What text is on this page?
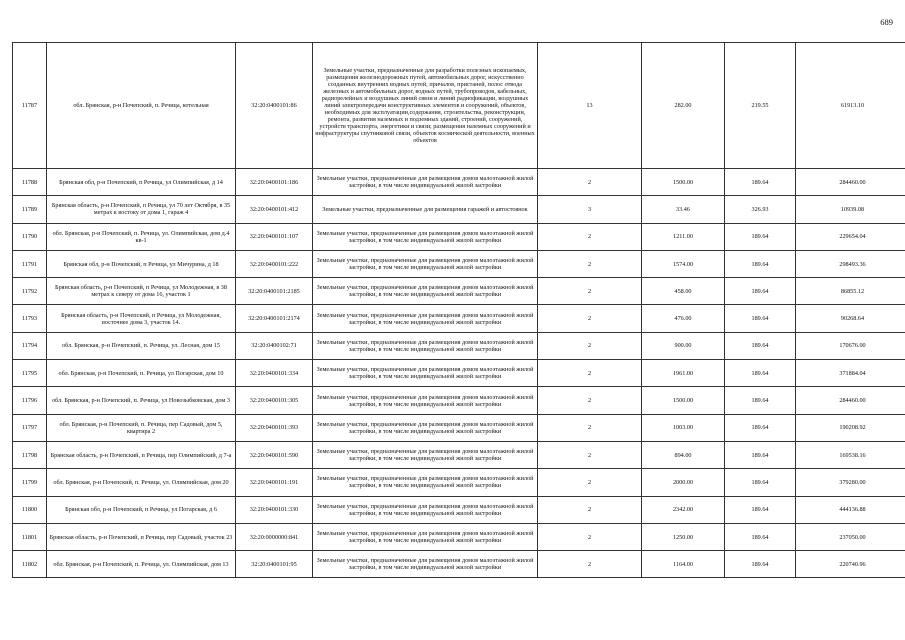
689
11787	обл. Брянская, р-н Почепский, п. Речица, котельная	32:20:0400101:86	Земельные участки, предназначенные для разработки полезных ископаемых, размещения железнодорожных путей, автомобильных дорог, искусственно созданных внутренних водных путей, причалов, пристаней, полос отвода железных и автомобильных дорог, водных путей, трубопроводов, кабельных, радиорелейных и воздушных линий связи и линий радиофикации, воздушных линий электропередачи конструктивных элементов и сооружений, объектов, необходимых для эксплуатации,содержания, строительства, реконструкции, ремонта, развития наземных и подземных зданий, строений, сооружений, устройств транспорта, энергетики и связи; размещения наземных сооружений и инфраструктуры спутниковой связи, объектов космической деятельности, военных объектов	13	282.00	219.55	61913.10
11788	Брянская обл, р-н Почепский, п Речица, ул Олимпийская, д 14	32:20:0400101:186	Земельные участки, предназначенные для размещения домов малоэтажной жилой застройки, в том числе индивидуальной жилой застройки	2	1500.00	189.64	284460.00
11789	Брянская область, р-н Почепский, п Речица, ул 70 лет Октября, в 35 метрах к востоку от дома 1, гараж 4	32:20:0400101:412	Земельные участки, предназначенные для размещения гаражей и автостоянок	3	33.46	326.93	10939.08
11790	обл. Брянская, р-н Почепский, п. Речица, ул. Олимпийская, дом д.4 кв-1	32:20:0400101:107	Земельные участки, предназначенные для размещения домов малоэтажной жилой застройки, в том числе индивидуальной жилой застройки	2	1211.00	189.64	229654.04
11791	Брянская обл, р-н Почепский, п Речица, ул Мичурина, д 18	32:20:0400101:222	Земельные участки, предназначенные для размещения домов малоэтажной жилой застройки, в том числе индивидуальной жилой застройки	2	1574.00	189.64	298493.36
11792	Брянская область, р-н Почепский, п Речица, ул Молодежная, в 38 метрах к северу от дома 16, участок 1	32:20:0400101:2185	Земельные участки, предназначенные для размещения домов малоэтажной жилой застройки, в том числе индивидуальной жилой застройки	2	458.00	189.64	86855.12
11793	Брянская область, р-н Почепский, п Речица, ул Молодежная, восточнее дома 3, участок 14.	32:20:0400101:2174	Земельные участки, предназначенные для размещения домов малоэтажной жилой застройки, в том числе индивидуальной жилой застройки	2	476.00	189.64	90268.64
11794	обл. Брянская, р-н Почепский, п. Речица, ул. Лесная, дом 15	32:20:0400102:71	Земельные участки, предназначенные для размещения домов малоэтажной жилой застройки, в том числе индивидуальной жилой застройки	2	900.00	189.64	170676.00
11795	обл. Брянская, р-н Почепский, п. Речица, ул Погарская, дом 10	32:20:0400101:334	Земельные участки, предназначенные для размещения домов малоэтажной жилой застройки, в том числе индивидуальной жилой застройки	2	1961.00	189.64	371884.04
11796	обл. Брянская, р-н Почепский, п. Речица, ул Новозыбковская, дом 3	32:20:0400101:305	Земельные участки, предназначенные для размещения домов малоэтажной жилой застройки, в том числе индивидуальной жилой застройки	2	1500.00	189.64	284460.00
11797	обл. Брянская, р-н Почепский, п. Речица, пер Садовый, дом 5, квартира 2	32:20:0400101:393	Земельные участки, предназначенные для размещения домов малоэтажной жилой застройки, в том числе индивидуальной жилой застройки	2	1003.00	189.64	190208.92
11798	Брянская область, р-н Почепский, п Речица, пер Олимпийский, д 7-а	32:20:0400101:590	Земельные участки, предназначенные для размещения домов малоэтажной жилой застройки, в том числе индивидуальной жилой застройки	2	894.00	189.64	169538.16
11799	обл. Брянская, р-н Почепский, п. Речица, ул. Олимпийская, дом 20	32:20:0400101:191	Земельные участки, предназначенные для размещения домов малоэтажной жилой застройки, в том числе индивидуальной жилой застройки	2	2000.00	189.64	379280.00
11800	Брянская обл, р-н Почепский, п Речица, ул Погарская, д 6	32:20:0400101:330	Земельные участки, предназначенные для размещения домов малоэтажной жилой застройки, в том числе индивидуальной жилой застройки	2	2342.00	189.64	444136.88
11801	Брянская область, р-н Почепский, п Речица, пер Садовый, участок 23	32:20:0000000:841	Земельные участки, предназначенные для размещения домов малоэтажной жилой застройки, в том числе индивидуальной жилой застройки	2	1250.00	189.64	237050.00
11802	обл. Брянская, р-н Почепский, п. Речица, ул. Олимпийская, дом 13	32:20:0400101:95	Земельные участки, предназначенные для размещения домов малоэтажной жилой застройки, в том числе индивидуальной жилой застройки	2	1164.00	189.64	220740.96
